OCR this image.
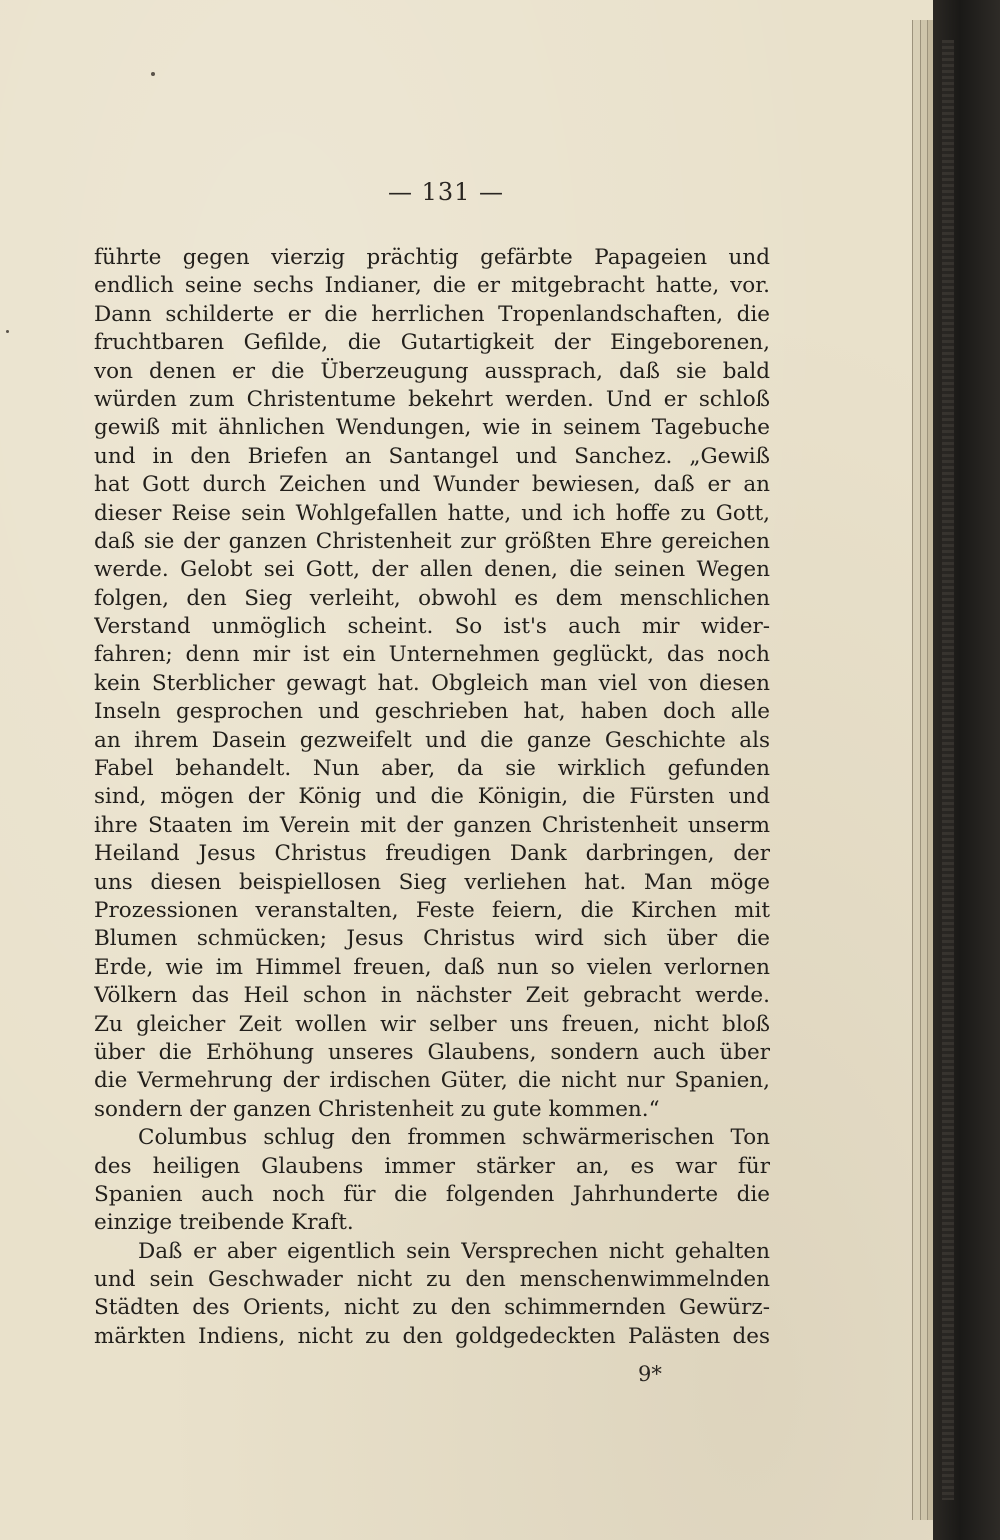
— 131 —
führte gegen vierzig prächtig gefärbte Papageien und
endlich seine sechs Indianer, die er mitgebracht hatte, vor.
Dann schilderte er die herrlichen Tropenlandschaften, die
fruchtbaren Gefilde, die Gutartigkeit der Eingeborenen,
von denen er die Überzeugung aussprach, daß sie bald
würden zum Christentume bekehrt werden. Und er schloß
gewiß mit ähnlichen Wendungen, wie in seinem Tagebuche
und in den Briefen an Santangel und Sanchez. „Gewiß
hat Gott durch Zeichen und Wunder bewiesen, daß er an
dieser Reise sein Wohlgefallen hatte, und ich hoffe zu Gott,
daß sie der ganzen Christenheit zur größten Ehre gereichen
werde. Gelobt sei Gott, der allen denen, die seinen Wegen
folgen, den Sieg verleiht, obwohl es dem menschlichen
Verstand unmöglich scheint. So ist's auch mir wider-
fahren; denn mir ist ein Unternehmen geglückt, das noch
kein Sterblicher gewagt hat. Obgleich man viel von diesen
Inseln gesprochen und geschrieben hat, haben doch alle
an ihrem Dasein gezweifelt und die ganze Geschichte als
Fabel behandelt. Nun aber, da sie wirklich gefunden
sind, mögen der König und die Königin, die Fürsten und
ihre Staaten im Verein mit der ganzen Christenheit unserm
Heiland Jesus Christus freudigen Dank darbringen, der
uns diesen beispiellosen Sieg verliehen hat. Man möge
Prozessionen veranstalten, Feste feiern, die Kirchen mit
Blumen schmücken; Jesus Christus wird sich über die
Erde, wie im Himmel freuen, daß nun so vielen verlornen
Völkern das Heil schon in nächster Zeit gebracht werde.
Zu gleicher Zeit wollen wir selber uns freuen, nicht bloß
über die Erhöhung unseres Glaubens, sondern auch über
die Vermehrung der irdischen Güter, die nicht nur Spanien,
sondern der ganzen Christenheit zu gute kommen.“
Columbus schlug den frommen schwärmerischen Ton
des heiligen Glaubens immer stärker an, es war für
Spanien auch noch für die folgenden Jahrhunderte die
einzige treibende Kraft.
Daß er aber eigentlich sein Versprechen nicht gehalten
und sein Geschwader nicht zu den menschenwimmelnden
Städten des Orients, nicht zu den schimmernden Gewürz-
märkten Indiens, nicht zu den goldgedeckten Palästen des
9*
